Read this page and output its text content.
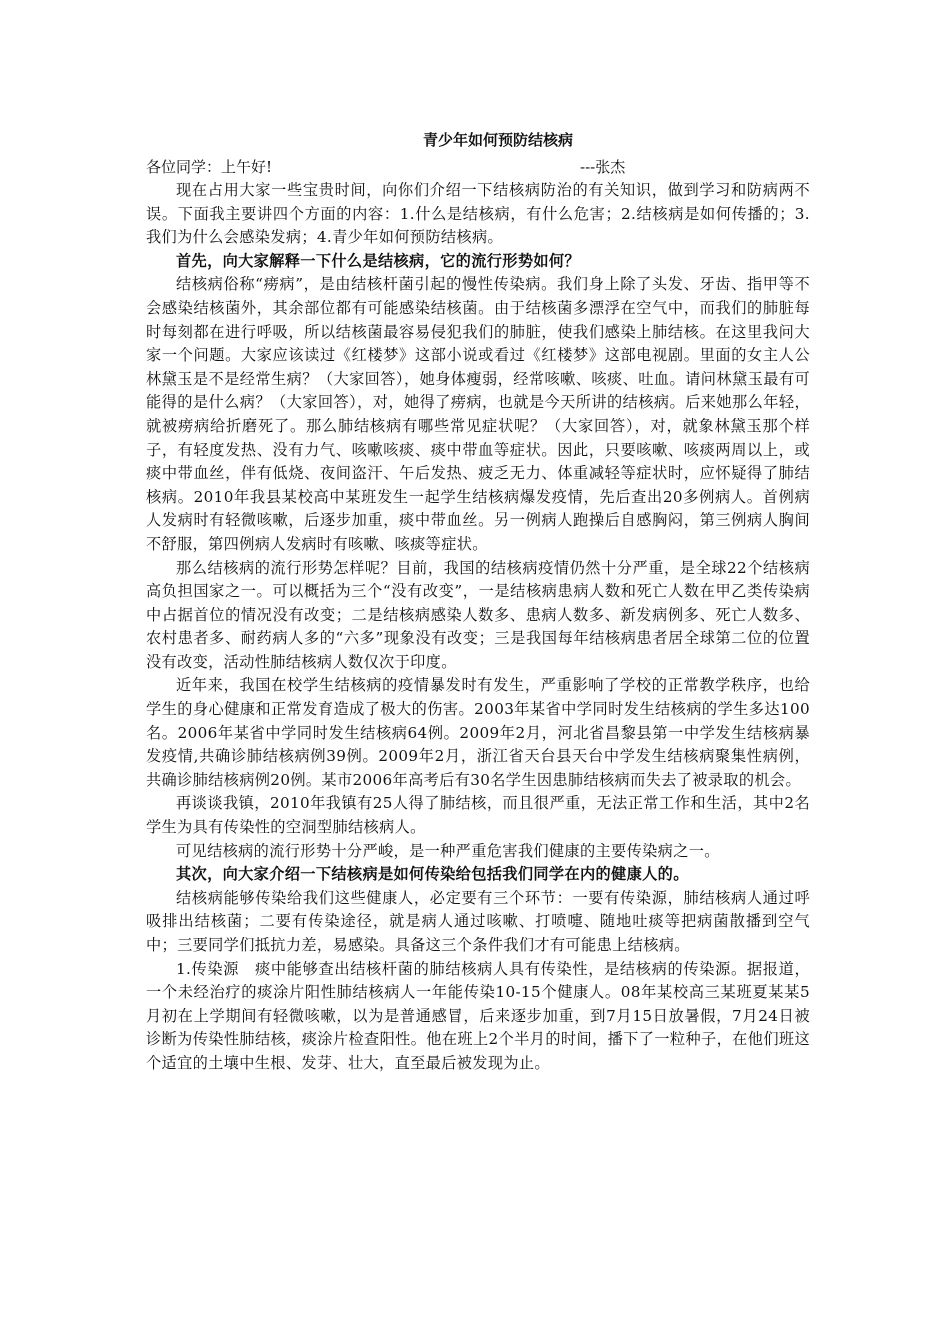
青少年如何预防结核病
各位同学：上午好!	---张杰

现在占用大家一些宝贵时间，向你们介绍一下结核病防治的有关知识，做到学习和防病两不误。下面我主要讲四个方面的内容：1.什么是结核病，有什么危害；2.结核病是如何传播的；3.我们为什么会感染发病；4.青少年如何预防结核病。

首先，向大家解释一下什么是结核病，它的流行形势如何？

结核病俗称“痨病”，是由结核杆菌引起的慢性传染病。我们身上除了头发、牙齿、指甲等不会感染结核菌外，其余部位都有可能感染结核菌。由于结核菌多漂浮在空气中，而我们的肺脏每时每刻都在进行呼吸，所以结核菌最容易侵犯我们的肺脏，使我们感染上肺结核。在这里我问大家一个问题。大家应该读过《红楼梦》这部小说或看过《红楼梦》这部电视剧。里面的女主人公林黛玉是不是经常生病？（大家回答），她身体瘦弱，经常咳嗽、咳痰、吐血。请问林黛玉最有可能得的是什么病？（大家回答），对，她得了痨病，也就是今天所讲的结核病。后来她那么年轻，就被痨病给折磨死了。那么肺结核病有哪些常见症状呢？（大家回答），对，就象林黛玉那个样子，有轻度发热、没有力气、咳嗽咳痰、痰中带血等症状。因此，只要咳嗽、咳痰两周以上，或痰中带血丝，伴有低烧、夜间盗汗、午后发热、疲乏无力、体重减轻等症状时，应怀疑得了肺结核病。2010年我县某校高中某班发生一起学生结核病爆发疫情，先后查出20多例病人。首例病人发病时有轻微咳嗽，后逐步加重，痰中带血丝。另一例病人跑操后自感胸闷，第三例病人胸间不舒服，第四例病人发病时有咳嗽、咳痰等症状。

那么结核病的流行形势怎样呢？目前，我国的结核病疫情仍然十分严重，是全球22个结核病高负担国家之一。可以概括为三个“没有改变”，一是结核病患病人数和死亡人数在甲乙类传染病中占据首位的情况没有改变；二是结核病感染人数多、患病人数多、新发病例多、死亡人数多、农村患者多、耐药病人多的“六多”现象没有改变；三是我国每年结核病患者居全球第二位的位置没有改变，活动性肺结核病人数仅次于印度。

近年来，我国在校学生结核病的疫情暴发时有发生，严重影响了学校的正常教学秩序，也给学生的身心健康和正常发育造成了极大的伤害。2003年某省中学同时发生结核病的学生多达100名。2006年某省中学同时发生结核病64例。2009年2月，河北省昌黎县第一中学发生结核病暴发疫情,共确诊肺结核病例39例。2009年2月，浙江省天台县天台中学发生结核病聚集性病例，共确诊肺结核病例20例。某市2006年高考后有30名学生因患肺结核病而失去了被录取的机会。

再谈谈我镇，2010年我镇有25人得了肺结核，而且很严重，无法正常工作和生活，其中2名学生为具有传染性的空洞型肺结核病人。

可见结核病的流行形势十分严峻，是一种严重危害我们健康的主要传染病之一。

其次，向大家介绍一下结核病是如何传染给包括我们同学在内的健康人的。

结核病能够传染给我们这些健康人，必定要有三个环节：一要有传染源，肺结核病人通过呼吸排出结核菌；二要有传染途径，就是病人通过咳嗽、打喷嚏、随地吐痰等把病菌散播到空气中；三要同学们抵抗力差，易感染。具备这三个条件我们才有可能患上结核病。

1.传染源　痰中能够查出结核杆菌的肺结核病人具有传染性，是结核病的传染源。据报道，一个未经治疗的痰涂片阳性肺结核病人一年能传染10-15个健康人。08年某校高三某班夏某某5月初在上学期间有轻微咳嗽，以为是普通感冒，后来逐步加重，到7月15日放暑假，7月24日被诊断为传染性肺结核，痰涂片检查阳性。他在班上2个半月的时间，播下了一粒种子，在他们班这个适宜的土壤中生根、发芽、壮大，直至最后被发现为止。
